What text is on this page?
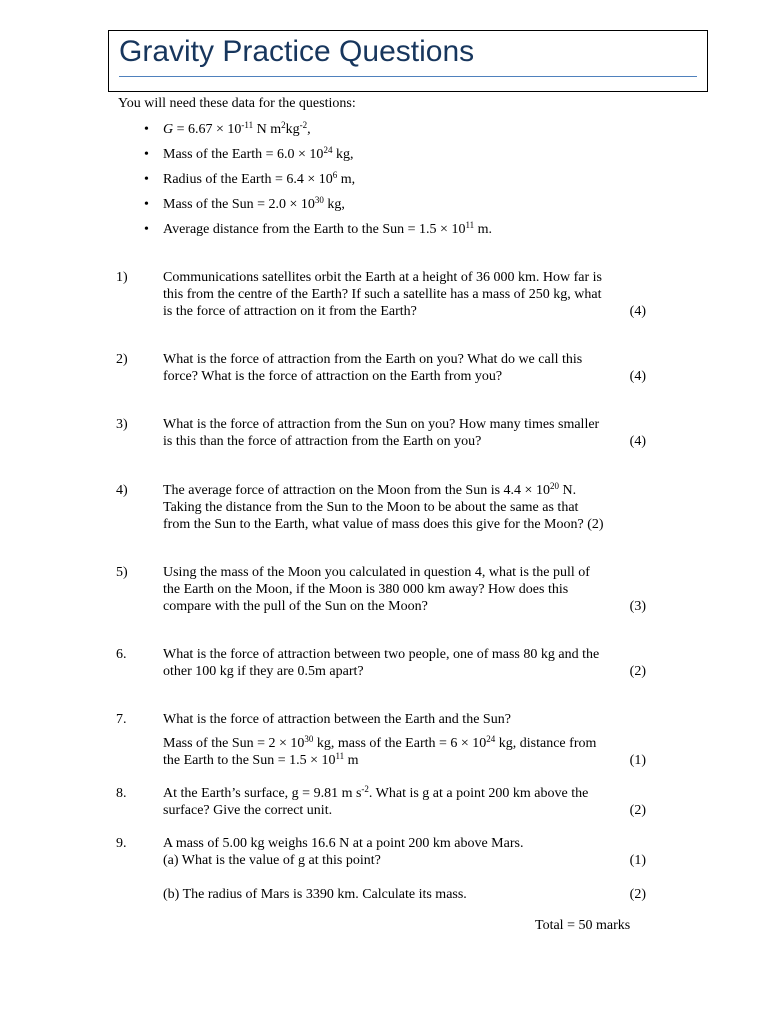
Gravity Practice Questions
You will need these data for the questions:
• $G = 6.67 \times 10^{-11}$ N $m^2kg^{-2}$,
• Mass of the Earth = $6.0 \times 10^{24}$ kg,
• Radius of the Earth = $6.4 \times 10^6$ m,
• Mass of the Sun = $2.0 \times 10^{30}$ kg,
• Average distance from the Earth to the Sun = $1.5 \times 10^{11}$ m.
1)	Communications satellites orbit the Earth at a height of 36 000 km. How far is
this from the centre of the Earth? If such a satellite has a mass of 250 kg, what
is the force of attraction on it from the Earth?	(4)
2)	What is the force of attraction from the Earth on you? What do we call this
force? What is the force of attraction on the Earth from you?	(4)
3)	What is the force of attraction from the Sun on you? How many times smaller
is this than the force of attraction from the Earth on you?	(4)
4)	The average force of attraction on the Moon from the Sun is $4.4 \times 10^{20}$ N.
Taking the distance from the Sun to the Moon to be about the same as that
from the Sun to the Earth, what value of mass does this give for the Moon? (2)
5)	Using the mass of the Moon you calculated in question 4, what is the pull of
the Earth on the Moon, if the Moon is 380 000 km away? How does this
compare with the pull of the Sun on the Moon?	(3)
6.	What is the force of attraction between two people, one of mass 80 kg and the
other 100 kg if they are 0.5m apart?	(2)
7.	What is the force of attraction between the Earth and the Sun?
Mass of the Sun = $2 \times 10^{30}$ kg, mass of the Earth = $6 \times 10^{24}$ kg, distance from
the Earth to the Sun = $1.5 \times 10^{11}$ m	(1)
8.	At the Earth’s surface, g = 9.81 m $s^{-2}$. What is g at a point 200 km above the
surface? Give the correct unit.	(2)
9.	A mass of 5.00 kg weighs 16.6 N at a point 200 km above Mars.
(a) What is the value of g at this point?	(1)
(b) The radius of Mars is 3390 km. Calculate its mass.	(2)
Total = 50 marks
